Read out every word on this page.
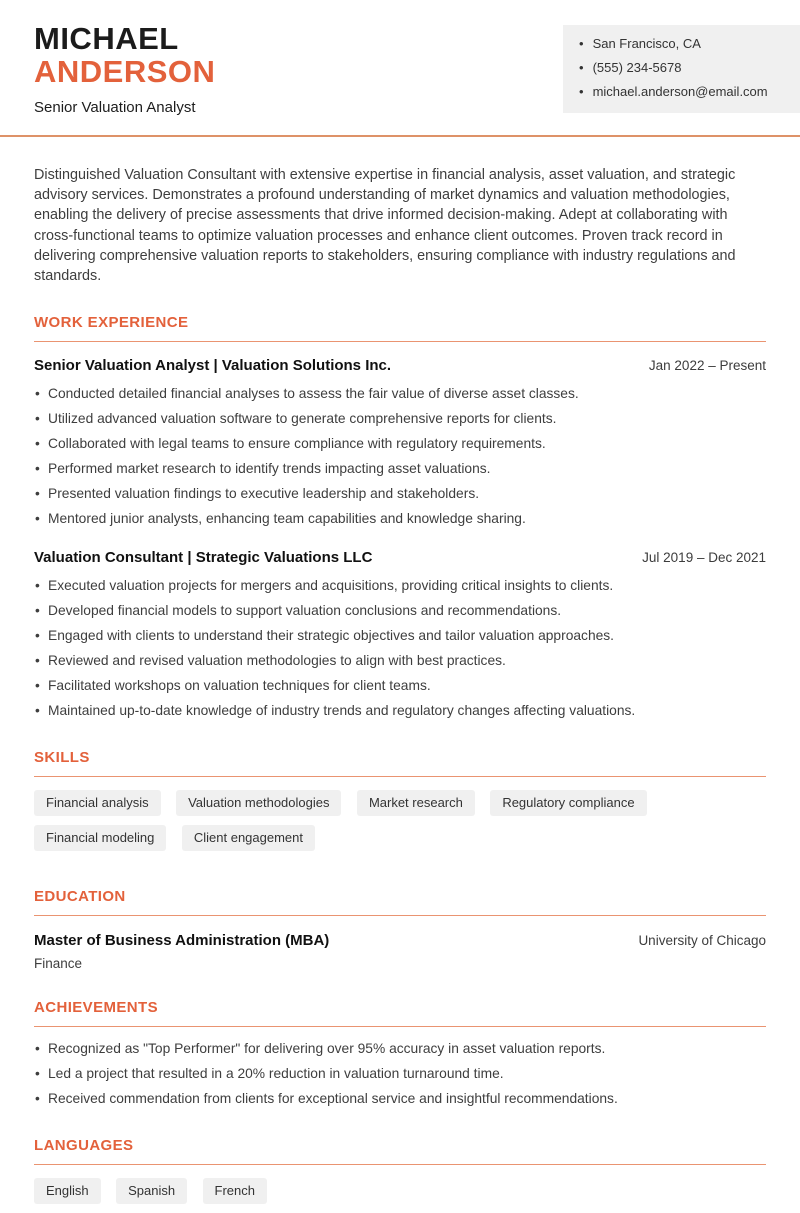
MICHAEL
ANDERSON
Senior Valuation Analyst
• San Francisco, CA
• (555) 234-5678
• michael.anderson@email.com

Distinguished Valuation Consultant with extensive expertise in financial analysis, asset valuation, and strategic advisory services. Demonstrates a profound understanding of market dynamics and valuation methodologies, enabling the delivery of precise assessments that drive informed decision-making. Adept at collaborating with cross-functional teams to optimize valuation processes and enhance client outcomes. Proven track record in delivering comprehensive valuation reports to stakeholders, ensuring compliance with industry regulations and standards.

WORK EXPERIENCE
Senior Valuation Analyst | Valuation Solutions Inc.	Jan 2022 – Present
• Conducted detailed financial analyses to assess the fair value of diverse asset classes.
• Utilized advanced valuation software to generate comprehensive reports for clients.
• Collaborated with legal teams to ensure compliance with regulatory requirements.
• Performed market research to identify trends impacting asset valuations.
• Presented valuation findings to executive leadership and stakeholders.
• Mentored junior analysts, enhancing team capabilities and knowledge sharing.
Valuation Consultant | Strategic Valuations LLC	Jul 2019 – Dec 2021
• Executed valuation projects for mergers and acquisitions, providing critical insights to clients.
• Developed financial models to support valuation conclusions and recommendations.
• Engaged with clients to understand their strategic objectives and tailor valuation approaches.
• Reviewed and revised valuation methodologies to align with best practices.
• Facilitated workshops on valuation techniques for client teams.
• Maintained up-to-date knowledge of industry trends and regulatory changes affecting valuations.
SKILLS
Financial analysis	Valuation methodologies	Market research	Regulatory compliance Financial modeling	Client engagement
EDUCATION
Master of Business Administration (MBA)	University of Chicago
Finance
ACHIEVEMENTS
• Recognized as "Top Performer" for delivering over 95% accuracy in asset valuation reports.
• Led a project that resulted in a 20% reduction in valuation turnaround time.
• Received commendation from clients for exceptional service and insightful recommendations.
LANGUAGES
English	Spanish	French
